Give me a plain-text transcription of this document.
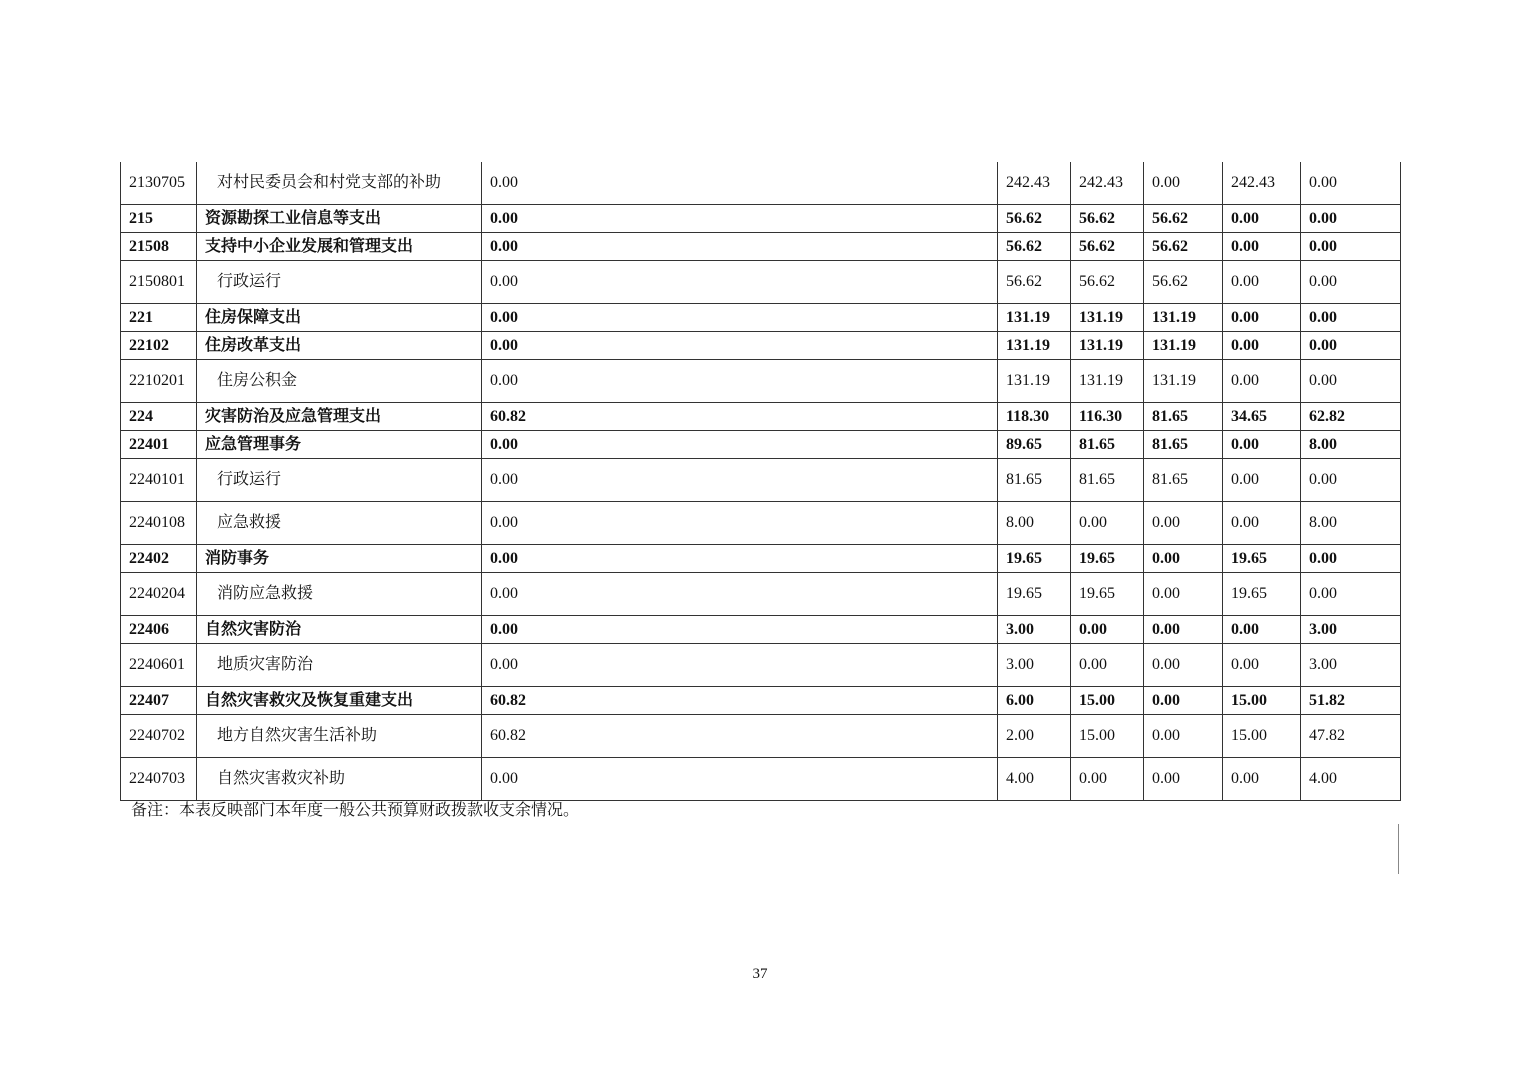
2130705	对村民委员会和村党支部的补助	0.00	242.43	242.43	0.00	242.43	0.00
215	资源勘探工业信息等支出	0.00	56.62	56.62	56.62	0.00	0.00
21508	支持中小企业发展和管理支出	0.00	56.62	56.62	56.62	0.00	0.00
2150801	行政运行	0.00	56.62	56.62	56.62	0.00	0.00
221	住房保障支出	0.00	131.19	131.19	131.19	0.00	0.00
22102	住房改革支出	0.00	131.19	131.19	131.19	0.00	0.00
2210201	住房公积金	0.00	131.19	131.19	131.19	0.00	0.00
224	灾害防治及应急管理支出	60.82	118.30	116.30	81.65	34.65	62.82
22401	应急管理事务	0.00	89.65	81.65	81.65	0.00	8.00
2240101	行政运行	0.00	81.65	81.65	81.65	0.00	0.00
2240108	应急救援	0.00	8.00	0.00	0.00	0.00	8.00
22402	消防事务	0.00	19.65	19.65	0.00	19.65	0.00
2240204	消防应急救援	0.00	19.65	19.65	0.00	19.65	0.00
22406	自然灾害防治	0.00	3.00	0.00	0.00	0.00	3.00
2240601	地质灾害防治	0.00	3.00	0.00	0.00	0.00	3.00
22407	自然灾害救灾及恢复重建支出	60.82	6.00	15.00	0.00	15.00	51.82
2240702	地方自然灾害生活补助	60.82	2.00	15.00	0.00	15.00	47.82
2240703	自然灾害救灾补助	0.00	4.00	0.00	0.00	0.00	4.00
备注：本表反映部门本年度一般公共预算财政拨款收支余情况。
37
